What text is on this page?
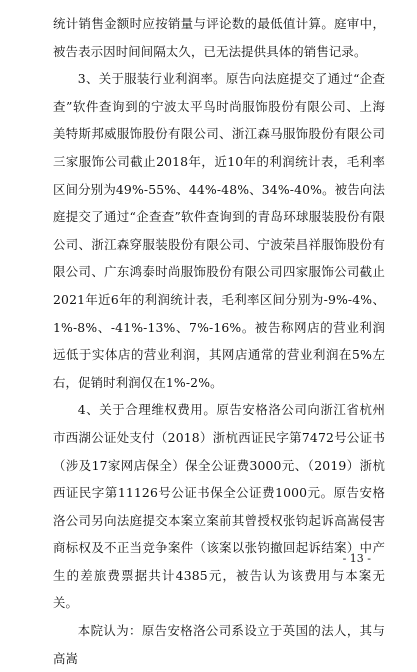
统计销售金额时应按销量与评论数的最低值计算。庭审中，被告表示因时间间隔太久，已无法提供具体的销售记录。

3、关于服装行业利润率。原告向法庭提交了通过“企查查”软件查询到的宁波太平鸟时尚服饰股份有限公司、上海美特斯邦威服饰股份有限公司、浙江森马服饰股份有限公司三家服饰公司截止2018年，近10年的利润统计表，毛利率区间分别为49%-55%、44%-48%、34%-40%。被告向法庭提交了通过“企查查”软件查询到的青岛环球服装股份有限公司、浙江森穿服装股份有限公司、宁波荣昌祥服饰股份有限公司、广东鸿泰时尚服饰股份有限公司四家服饰公司截止2021年近6年的利润统计表，毛利率区间分别为-9%-4%、1%-8%、-41%-13%、7%-16%。被告称网店的营业利润远低于实体店的营业利润，其网店通常的营业利润在5%左右，促销时利润仅在1%-2%。

4、关于合理维权费用。原告安格洛公司向浙江省杭州市西湖公证处支付（2018）浙杭西证民字第7472号公证书（涉及17家网店保全）保全公证费3000元、（2019）浙杭西证民字第11126号公证书保全公证费1000元。原告安格洛公司另向法庭提交本案立案前其曾授权张钧起诉高嵩侵害商标权及不正当竞争案件（该案以张钧撤回起诉结案）中产生的差旅费票据共计4385元，被告认为该费用与本案无关。

本院认为：原告安格洛公司系设立于英国的法人，其与高嵩

- 13 -
